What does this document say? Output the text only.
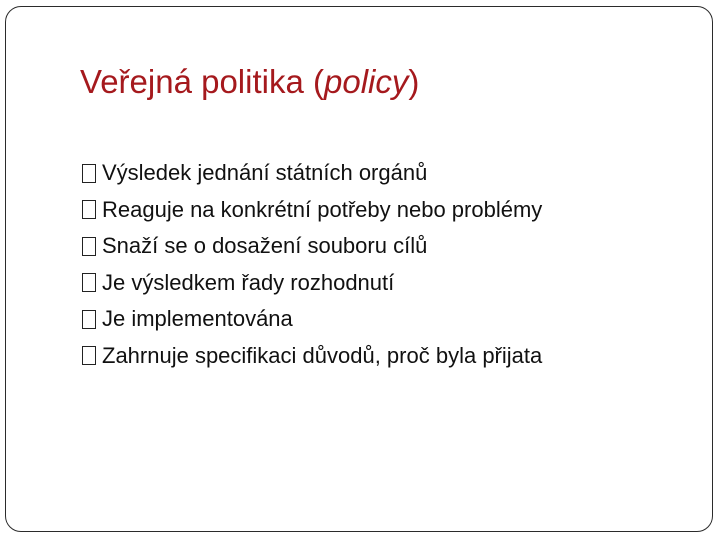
Veřejná politika (policy)
Výsledek jednání státních orgánů
Reaguje na konkrétní potřeby nebo problémy
Snaží se o dosažení souboru cílů
Je výsledkem řady rozhodnutí
Je implementována
Zahrnuje specifikaci důvodů, proč byla přijata
